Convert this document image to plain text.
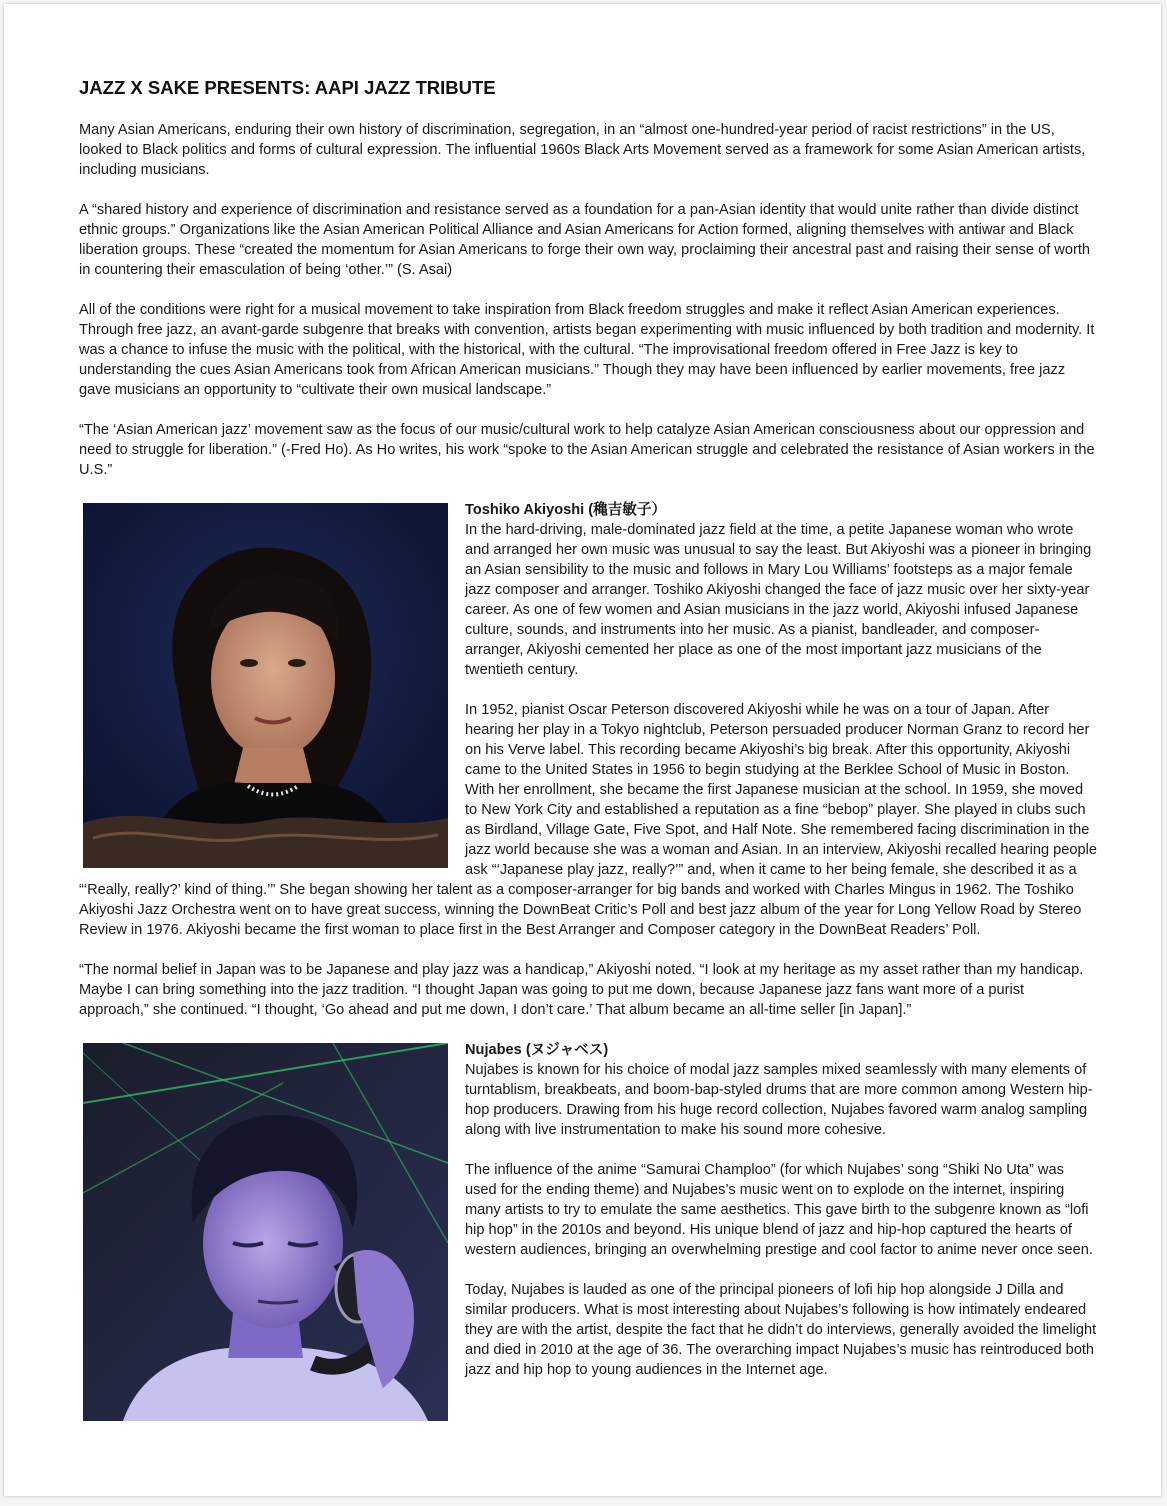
JAZZ X SAKE PRESENTS: AAPI JAZZ TRIBUTE

Many Asian Americans, enduring their own history of discrimination, segregation, in an “almost one-hundred-year period of racist restrictions” in the US, looked to Black politics and forms of cultural expression. The influential 1960s Black Arts Movement served as a framework for some Asian American artists, including musicians.

A “shared history and experience of discrimination and resistance served as a foundation for a pan-Asian identity that would unite rather than divide distinct ethnic groups.” Organizations like the Asian American Political Alliance and Asian Americans for Action formed, aligning themselves with antiwar and Black liberation groups. These “created the momentum for Asian Americans to forge their own way, proclaiming their ancestral past and raising their sense of worth in countering their emasculation of being ‘other.’” (S. Asai)

All of the conditions were right for a musical movement to take inspiration from Black freedom struggles and make it reflect Asian American experiences. Through free jazz, an avant-garde subgenre that breaks with convention, artists began experimenting with music influenced by both tradition and modernity. It was a chance to infuse the music with the political, with the historical, with the cultural. “The improvisational freedom offered in Free Jazz is key to understanding the cues Asian Americans took from African American musicians.” Though they may have been influenced by earlier movements, free jazz gave musicians an opportunity to “cultivate their own musical landscape.”

“The ‘Asian American jazz’ movement saw as the focus of our music/cultural work to help catalyze Asian American consciousness about our oppression and need to struggle for liberation.” (-Fred Ho). As Ho writes, his work “spoke to the Asian American struggle and celebrated the resistance of Asian workers in the U.S.”

Toshiko Akiyoshi (穐吉敏子）

In the hard-driving, male-dominated jazz field at the time, a petite Japanese woman who wrote and arranged her own music was unusual to say the least. But Akiyoshi was a pioneer in bringing an Asian sensibility to the music and follows in Mary Lou Williams’ footsteps as a major female jazz composer and arranger. Toshiko Akiyoshi changed the face of jazz music over her sixty-year career. As one of few women and Asian musicians in the jazz world, Akiyoshi infused Japanese culture, sounds, and instruments into her music. As a pianist, bandleader, and composer-arranger, Akiyoshi cemented her place as one of the most important jazz musicians of the twentieth century.

In 1952, pianist Oscar Peterson discovered Akiyoshi while he was on a tour of Japan. After hearing her play in a Tokyo nightclub, Peterson persuaded producer Norman Granz to record her on his Verve label. This recording became Akiyoshi’s big break. After this opportunity, Akiyoshi came to the United States in 1956 to begin studying at the Berklee School of Music in Boston. With her enrollment, she became the first Japanese musician at the school. In 1959, she moved to New York City and established a reputation as a fine “bebop” player. She played in clubs such as Birdland, Village Gate, Five Spot, and Half Note. She remembered facing discrimination in the jazz world because she was a woman and Asian. In an interview, Akiyoshi recalled hearing people ask “‘Japanese play jazz, really?’” and, when it came to her being female, she described it as a “‘Really, really?’ kind of thing.’” She began showing her talent as a composer-arranger for big bands and worked with Charles Mingus in 1962. The Toshiko Akiyoshi Jazz Orchestra went on to have great success, winning the DownBeat Critic’s Poll and best jazz album of the year for Long Yellow Road by Stereo Review in 1976. Akiyoshi became the first woman to place first in the Best Arranger and Composer category in the DownBeat Readers’ Poll.

“The normal belief in Japan was to be Japanese and play jazz was a handicap,” Akiyoshi noted. “I look at my heritage as my asset rather than my handicap. Maybe I can bring something into the jazz tradition. “I thought Japan was going to put me down, because Japanese jazz fans want more of a purist approach,” she continued. “I thought, ‘Go ahead and put me down, I don’t care.’ That album became an all-time seller [in Japan].”

Nujabes (ヌジャベス)

Nujabes is known for his choice of modal jazz samples mixed seamlessly with many elements of turntablism, breakbeats, and boom-bap-styled drums that are more common among Western hip-hop producers. Drawing from his huge record collection, Nujabes favored warm analog sampling along with live instrumentation to make his sound more cohesive.

The influence of the anime “Samurai Champloo” (for which Nujabes’ song “Shiki No Uta” was used for the ending theme) and Nujabes’s music went on to explode on the internet, inspiring many artists to try to emulate the same aesthetics. This gave birth to the subgenre known as “lofi hip hop” in the 2010s and beyond. His unique blend of jazz and hip-hop captured the hearts of western audiences, bringing an overwhelming prestige and cool factor to anime never once seen.

Today, Nujabes is lauded as one of the principal pioneers of lofi hip hop alongside J Dilla and similar producers. What is most interesting about Nujabes’s following is how intimately endeared they are with the artist, despite the fact that he didn’t do interviews, generally avoided the limelight and died in 2010 at the age of 36. The overarching impact Nujabes’s music has reintroduced both jazz and hip hop to young audiences in the Internet age.
